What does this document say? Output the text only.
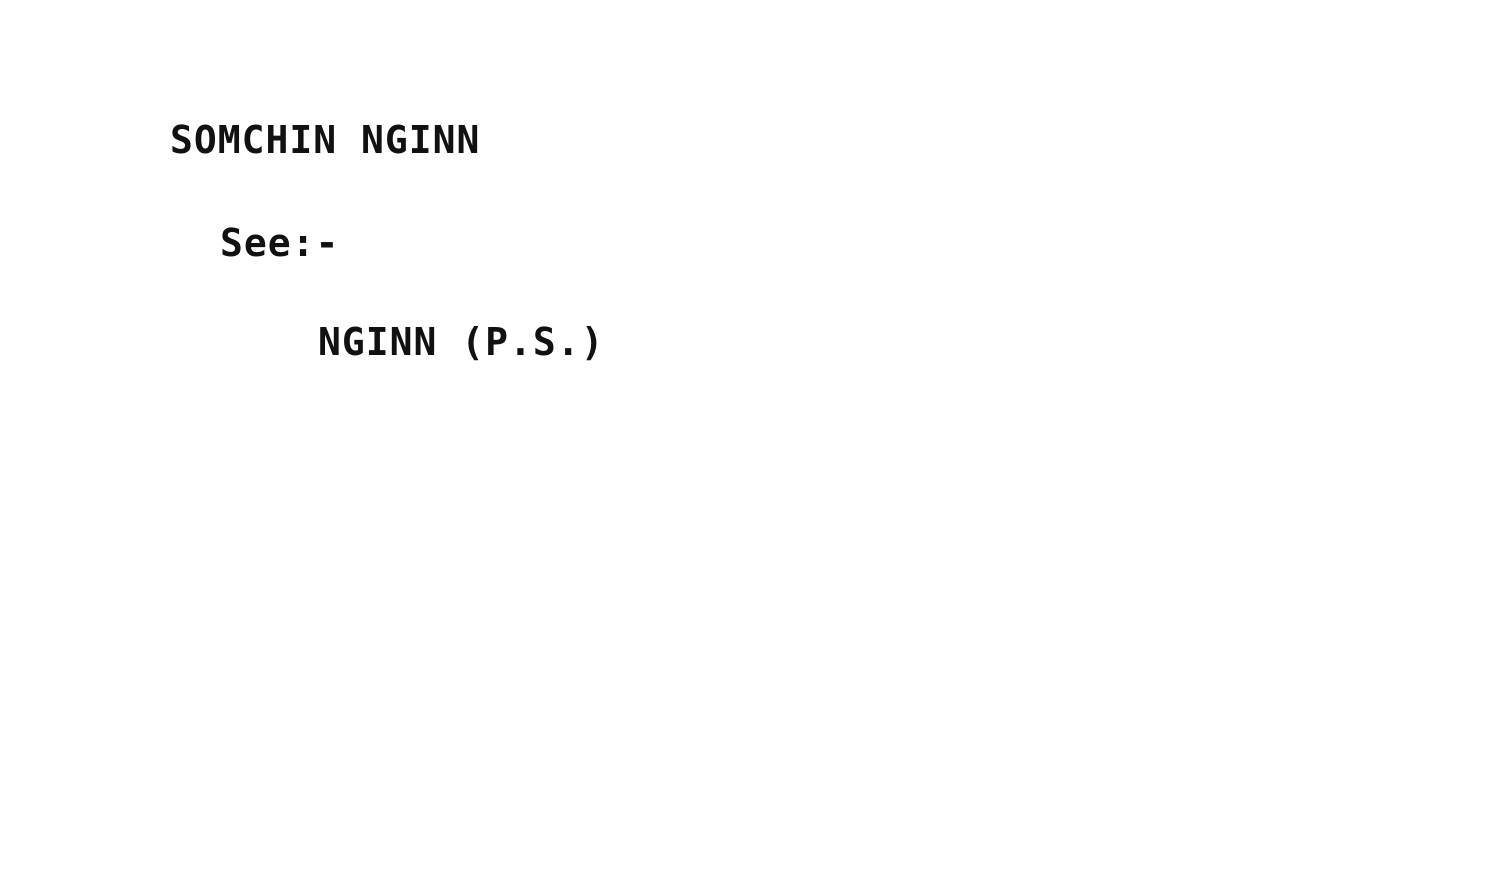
SOMCHIN NGINN
See:-
NGINN (P.S.)
